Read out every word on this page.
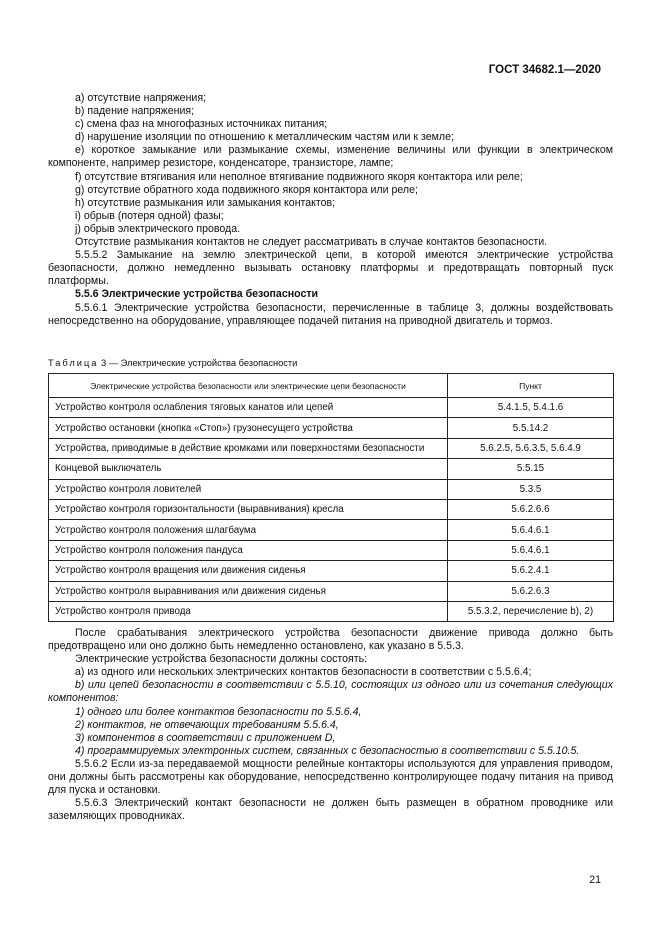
ГОСТ 34682.1—2020

a) отсутствие напряжения;

b) падение напряжения;

c) смена фаз на многофазных источниках питания;

d) нарушение изоляции по отношению к металлическим частям или к земле;

e) короткое замыкание или размыкание схемы, изменение величины или функции в электрическом компоненте, например резисторе, конденсаторе, транзисторе, лампе;

f) отсутствие втягивания или неполное втягивание подвижного якоря контактора или реле;

g) отсутствие обратного хода подвижного якоря контактора или реле;

h) отсутствие размыкания или замыкания контактов;

i) обрыв (потеря одной) фазы;

j) обрыв электрического провода.

Отсутствие размыкания контактов не следует рассматривать в случае контактов безопасности.

5.5.5.2 Замыкание на землю электрической цепи, в которой имеются электрические устройства безопасности, должно немедленно вызывать остановку платформы и предотвращать повторный пуск платформы.

5.5.6 Электрические устройства безопасности

5.5.6.1 Электрические устройства безопасности, перечисленные в таблице 3, должны воздействовать непосредственно на оборудование, управляющее подачей питания на приводной двигатель и тормоз.

Таблица 3 — Электрические устройства безопасности
Электрические устройства безопасности или электрические цепи безопасности	Пункт
Устройство контроля ослабления тяговых канатов или цепей	5.4.1.5, 5.4.1.6
Устройство остановки (кнопка «Стоп») грузонесущего устройства	5.5.14.2
Устройства, приводимые в действие кромками или поверхностями безопасности	5.6.2.5, 5.6.3.5, 5.6.4.9
Концевой выключатель	5.5.15
Устройство контроля ловителей	5.3.5
Устройство контроля горизонтальности (выравнивания) кресла	5.6.2.6.6
Устройство контроля положения шлагбаума	5.6.4.6.1
Устройство контроля положения пандуса	5.6.4.6.1
Устройство контроля вращения или движения сиденья	5.6.2.4.1
Устройство контроля выравнивания или движения сиденья	5.6.2.6.3
Устройство контроля привода	5.5.3.2, перечисление b), 2)

После срабатывания электрического устройства безопасности движение привода должно быть предотвращено или оно должно быть немедленно остановлено, как указано в 5.5.3.

Электрические устройства безопасности должны состоять:

а) из одного или нескольких электрических контактов безопасности в соответствии с 5.5.6.4;

b) или цепей безопасности в соответствии с 5.5.10, состоящих из одного или из сочетания следующих компонентов:

1) одного или более контактов безопасности по 5.5.6.4,

2) контактов, не отвечающих требованиям 5.5.6.4,

3) компонентов в соответствии с приложением D,

4) программируемых электронных систем, связанных с безопасностью в соответствии с 5.5.10.5.

5.5.6.2 Если из-за передаваемой мощности релейные контакторы используются для управления приводом, они должны быть рассмотрены как оборудование, непосредственно контролирующее подачу питания на привод для пуска и остановки.

5.5.6.3 Электрический контакт безопасности не должен быть размещен в обратном проводнике или заземляющих проводниках.

21
